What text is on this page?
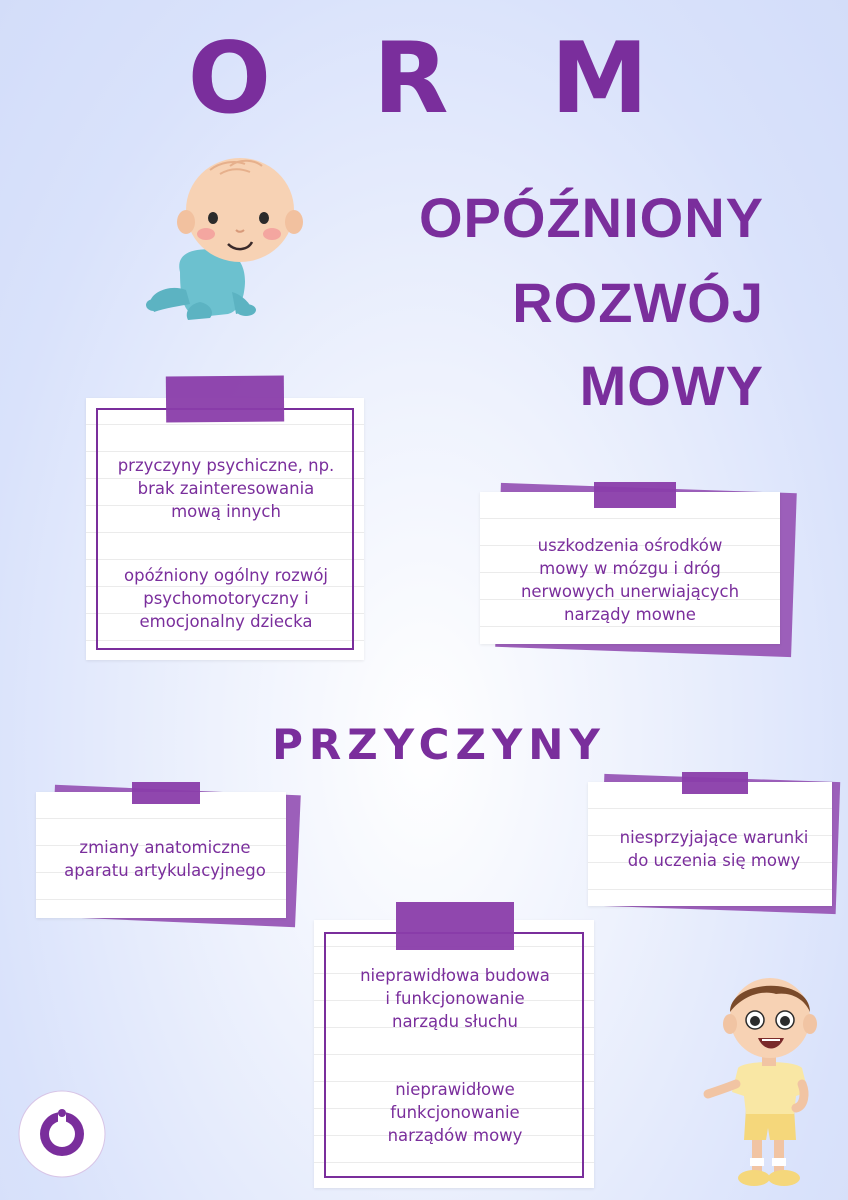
O R M
OPÓŹNIONY
ROZWÓJ
MOWY
przyczyny psychiczne, np.
brak zainteresowania
mową innych
opóźniony ogólny rozwój
psychomotoryczny i
emocjonalny dziecka
uszkodzenia ośrodków
mowy w mózgu i dróg
nerwowych unerwiających
narządy mowne
PRZYCZYNY
zmiany anatomiczne
aparatu artykulacyjnego
niesprzyjające warunki
do uczenia się mowy
nieprawidłowa budowa
i funkcjonowanie
narządu słuchu
nieprawidłowe
funkcjonowanie
narządów mowy
